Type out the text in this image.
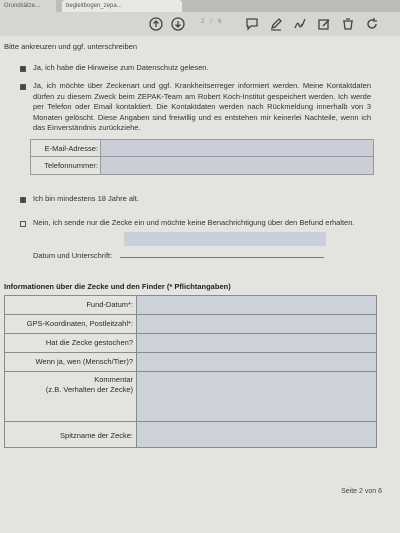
Grundsätze...	begleitbogen_zepa...
2 / 6
Bitte ankreuzen und ggf. unterschreiben
Ja, ich habe die Hinweise zum Datenschutz gelesen.
Ja, ich möchte über Zeckenart und ggf. Krankheitserreger informiert werden. Meine Kontaktdaten dürfen zu diesem Zweck beim ZEPAK-Team am Robert Koch-Institut gespeichert werden. Ich werde per Telefon oder Email kontaktiert. Die Kontaktdaten werden nach Rückmeldung innerhalb von 3 Monaten gelöscht. Diese Angaben sind freiwillig und es entstehen mir keinerlei Nachteile, wenn ich das Einverständnis zurückziehe.
E-Mail-Adresse:
Telefonnummer:
Ich bin mindestens 18 Jahre alt.
Nein, ich sende nur die Zecke ein und möchte keine Benachrichtigung über den Befund erhalten.
Datum und Unterschrift:
Informationen über die Zecke und den Finder (* Pflichtangaben)
Fund-Datum*:
GPS-Koordinaten, Postleitzahl*:
Hat die Zecke gestochen?
Wenn ja, wen (Mensch/Tier)?
Kommentar
(z.B. Verhalten der Zecke)
Spitzname der Zecke:
Seite 2 von 6
